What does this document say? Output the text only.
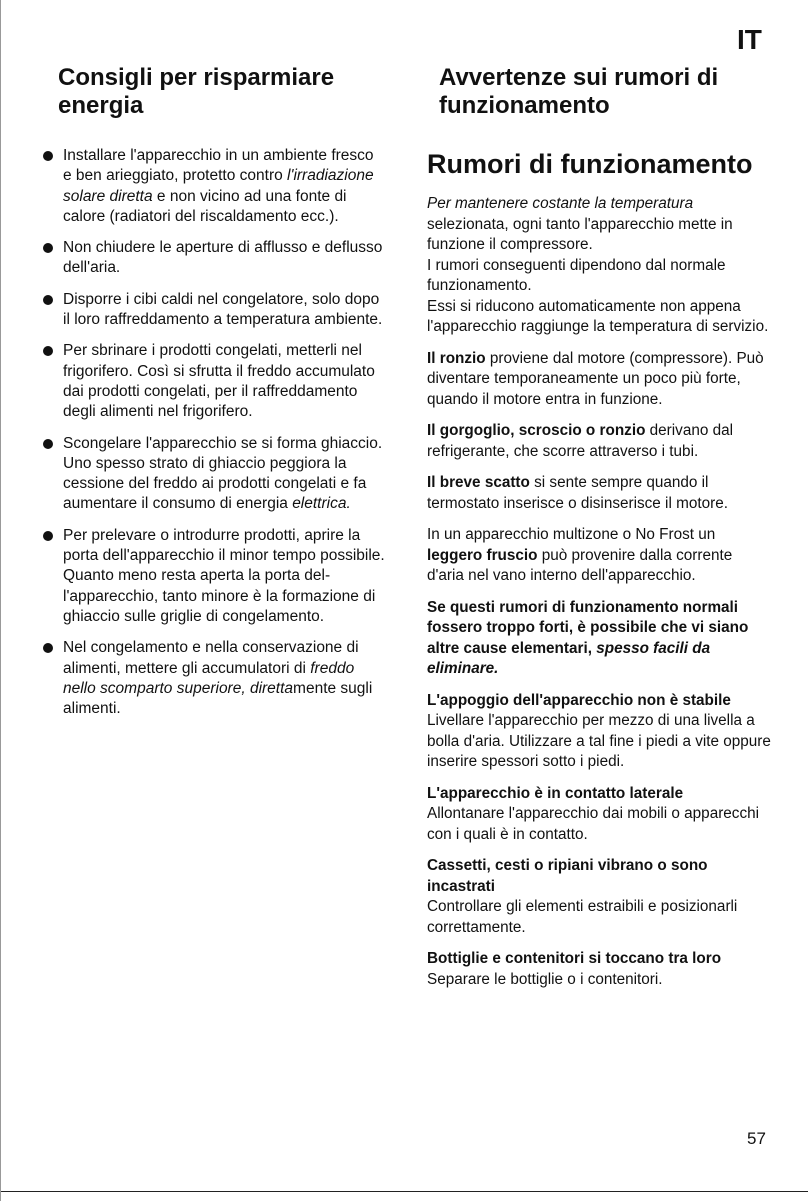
IT
Consigli per risparmiare energia
Installare l'apparecchio in un ambiente fresco e ben arieggiato, protetto contro l'irradiazione solare diretta e non vicino ad una fonte di calore (radiatori del riscaldamento ecc.).
Non chiudere le aperture di afflusso e deflusso dell'aria.
Disporre i cibi caldi nel congelatore, solo dopo il loro raffreddamento a temperatura ambiente.
Per sbrinare i prodotti congelati, metterli nel frigorifero. Così si sfrutta il freddo accumulato dai prodotti congelati, per il raffreddamento degli alimenti nel frigorifero.
Scongelare l'apparecchio se si forma ghiaccio.
Uno spesso strato di ghiaccio peggiora la cessione del freddo ai prodotti congelati e fa aumentare il consumo di energia elettrica.
Per prelevare o introdurre prodotti, aprire la porta dell'apparecchio il minor tempo possibile.
Quanto meno resta aperta la porta dell'apparecchio, tanto minore è la formazione di ghiaccio sulle griglie di congelamento.
Nel congelamento e nella conservazione di alimenti, mettere gli accumulatori di freddo nello scomparto superiore, direttamente sugli alimenti.
Avvertenze sui rumori di funzionamento
Rumori di funzionamento

Per mantenere costante la temperatura selezionata, ogni tanto l'apparecchio mette in funzione il compressore.
I rumori conseguenti dipendono dal normale funzionamento.
Essi si riducono automaticamente non appena l'apparecchio raggiunge la temperatura di servizio.

Il ronzio proviene dal motore (compressore). Può diventare temporaneamente un poco più forte, quando il motore entra in funzione.

Il gorgoglio, scroscio o ronzio derivano dal refrigerante, che scorre attraverso i tubi.

Il breve scatto si sente sempre quando il termostato inserisce o disinserisce il motore.

In un apparecchio multizone o No Frost un leggero fruscio può provenire dalla corrente d'aria nel vano interno dell'apparecchio.

Se questi rumori di funzionamento normali fossero troppo forti, è possibile che vi siano altre cause elementari, spesso facili da eliminare.

L'appoggio dell'apparecchio non è stabile
Livellare l'apparecchio per mezzo di una livella a bolla d'aria. Utilizzare a tal fine i piedi a vite oppure inserire spessori sotto i piedi.

L'apparecchio è in contatto laterale
Allontanare l'apparecchio dai mobili o apparecchi con i quali è in contatto.

Cassetti, cesti o ripiani vibrano o sono incastrati
Controllare gli elementi estraibili e posizionarli correttamente.

Bottiglie e contenitori si toccano tra loro
Separare le bottiglie o i contenitori.

57
